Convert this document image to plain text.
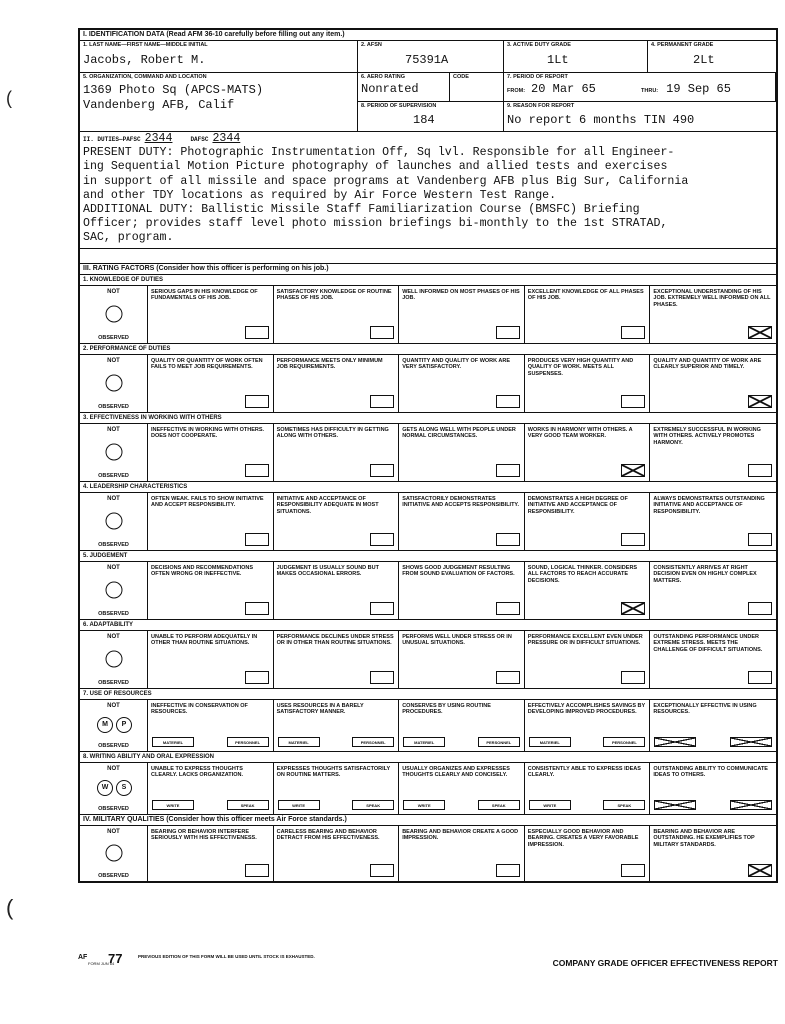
I. IDENTIFICATION DATA (Read AFM 36-10 carefully before filling out any item.)
1. LAST NAME—FIRST NAME—MIDDLE INITIAL
Jacobs, Robert M.
2. AFSN
75391A
3. ACTIVE DUTY GRADE
1Lt
4. PERMANENT GRADE
2Lt
5. ORGANIZATION, COMMAND AND LOCATION
1369 Photo Sq (APCS-MATS)
Vandenberg AFB, Calif
6. AERO RATING
Nonrated
CODE	7. PERIOD OF REPORT
FROM: 20 Mar 65	THRU: 19 Sep 65
8. PERIOD OF SUPERVISION
184
9. REASON FOR REPORT
No report 6 months TIN 490
II. DUTIES—PAFSC 2344	DAFSC 2344

PRESENT DUTY: Photographic Instrumentation Off, Sq lvl. Responsible for all Engineer-

ing Sequential Motion Picture photography of launches and allied tests and exercises

in support of all missile and space programs at Vandenberg AFB plus Big Sur, California

and other TDY locations as required by Air Force Western Test Range.

ADDITIONAL DUTY: Ballistic Missile Staff Familiarization Course (BMSFC) Briefing

Officer; provides staff level photo mission briefings bi-monthly to the 1st STRATAD,

SAC, program.

III. RATING FACTORS (Consider how this officer is performing on his job.)
1. KNOWLEDGE OF DUTIES
NOT
OBSERVED
SERIOUS GAPS IN HIS KNOWLEDGE OF FUNDAMENTALS OF HIS JOB.
SATISFACTORY KNOWLEDGE OF ROUTINE PHASES OF HIS JOB.
WELL INFORMED ON MOST PHASES OF HIS JOB.
EXCELLENT KNOWLEDGE OF ALL PHASES OF HIS JOB.
EXCEPTIONAL UNDERSTANDING OF HIS JOB. EXTREMELY WELL INFORMED ON ALL PHASES.
2. PERFORMANCE OF DUTIES
NOT
OBSERVED
QUALITY OR QUANTITY OF WORK OFTEN FAILS TO MEET JOB REQUIREMENTS.
PERFORMANCE MEETS ONLY MINIMUM JOB REQUIREMENTS.
QUANTITY AND QUALITY OF WORK ARE VERY SATISFACTORY.
PRODUCES VERY HIGH QUANTITY AND QUALITY OF WORK. MEETS ALL SUSPENSES.
QUALITY AND QUANTITY OF WORK ARE CLEARLY SUPERIOR AND TIMELY.
3. EFFECTIVENESS IN WORKING WITH OTHERS
NOT
OBSERVED
INEFFECTIVE IN WORKING WITH OTHERS. DOES NOT COOPERATE.
SOMETIMES HAS DIFFICULTY IN GETTING ALONG WITH OTHERS.
GETS ALONG WELL WITH PEOPLE UNDER NORMAL CIRCUMSTANCES.
WORKS IN HARMONY WITH OTHERS. A VERY GOOD TEAM WORKER.
EXTREMELY SUCCESSFUL IN WORKING WITH OTHERS. ACTIVELY PROMOTES HARMONY.
4. LEADERSHIP CHARACTERISTICS
NOT
OBSERVED
OFTEN WEAK. FAILS TO SHOW INITIATIVE AND ACCEPT RESPONSIBILITY.
INITIATIVE AND ACCEPTANCE OF RESPONSIBILITY ADEQUATE IN MOST SITUATIONS.
SATISFACTORILY DEMONSTRATES INITIATIVE AND ACCEPTS RESPONSIBILITY.
DEMONSTRATES A HIGH DEGREE OF INITIATIVE AND ACCEPTANCE OF RESPONSIBILITY.
ALWAYS DEMONSTRATES OUTSTANDING INITIATIVE AND ACCEPTANCE OF RESPONSIBILITY.
5. JUDGEMENT
NOT
OBSERVED
DECISIONS AND RECOMMENDATIONS OFTEN WRONG OR INEFFECTIVE.
JUDGEMENT IS USUALLY SOUND BUT MAKES OCCASIONAL ERRORS.
SHOWS GOOD JUDGEMENT RESULTING FROM SOUND EVALUATION OF FACTORS.
SOUND, LOGICAL THINKER. CONSIDERS ALL FACTORS TO REACH ACCURATE DECISIONS.
CONSISTENTLY ARRIVES AT RIGHT DECISION EVEN ON HIGHLY COMPLEX MATTERS.
6. ADAPTABILITY
NOT
OBSERVED
UNABLE TO PERFORM ADEQUATELY IN OTHER THAN ROUTINE SITUATIONS.
PERFORMANCE DECLINES UNDER STRESS OR IN OTHER THAN ROUTINE SITUATIONS.
PERFORMS WELL UNDER STRESS OR IN UNUSUAL SITUATIONS.
PERFORMANCE EXCELLENT EVEN UNDER PRESSURE OR IN DIFFICULT SITUATIONS.
OUTSTANDING PERFORMANCE UNDER EXTREME STRESS. MEETS THE CHALLENGE OF DIFFICULT SITUATIONS.
7. USE OF RESOURCES
NOT
M	P
OBSERVED
INEFFECTIVE IN CONSERVATION OF RESOURCES.
MATERIEL	PERSONNEL
USES RESOURCES IN A BARELY SATISFACTORY MANNER.
MATERIEL	PERSONNEL
CONSERVES BY USING ROUTINE PROCEDURES.
MATERIEL	PERSONNEL
EFFECTIVELY ACCOMPLISHES SAVINGS BY DEVELOPING IMPROVED PROCEDURES.
MATERIEL	PERSONNEL
EXCEPTIONALLY EFFECTIVE IN USING RESOURCES.
8. WRITING ABILITY AND ORAL EXPRESSION
NOT
W	S
OBSERVED
UNABLE TO EXPRESS THOUGHTS CLEARLY. LACKS ORGANIZATION.
WRITE	SPEAK
EXPRESSES THOUGHTS SATISFACTORILY ON ROUTINE MATTERS.
WRITE	SPEAK
USUALLY ORGANIZES AND EXPRESSES THOUGHTS CLEARLY AND CONCISELY.
WRITE	SPEAK
CONSISTENTLY ABLE TO EXPRESS IDEAS CLEARLY.
WRITE	SPEAK
OUTSTANDING ABILITY TO COMMUNICATE IDEAS TO OTHERS.
IV. MILITARY QUALITIES (Consider how this officer meets Air Force standards.)
NOT
OBSERVED
BEARING OR BEHAVIOR INTERFERE SERIOUSLY WITH HIS EFFECTIVENESS.
CARELESS BEARING AND BEHAVIOR DETRACT FROM HIS EFFECTIVENESS.
BEARING AND BEHAVIOR CREATE A GOOD IMPRESSION.
ESPECIALLY GOOD BEHAVIOR AND BEARING. CREATES A VERY FAVORABLE IMPRESSION.
BEARING AND BEHAVIOR ARE OUTSTANDING. HE EXEMPLIFIES TOP MILITARY STANDARDS.
AF
FORM JUN 64
77	PREVIOUS EDITION OF THIS FORM WILL BE USED UNTIL STOCK IS EXHAUSTED.
COMPANY GRADE OFFICER EFFECTIVENESS REPORT
(
(
